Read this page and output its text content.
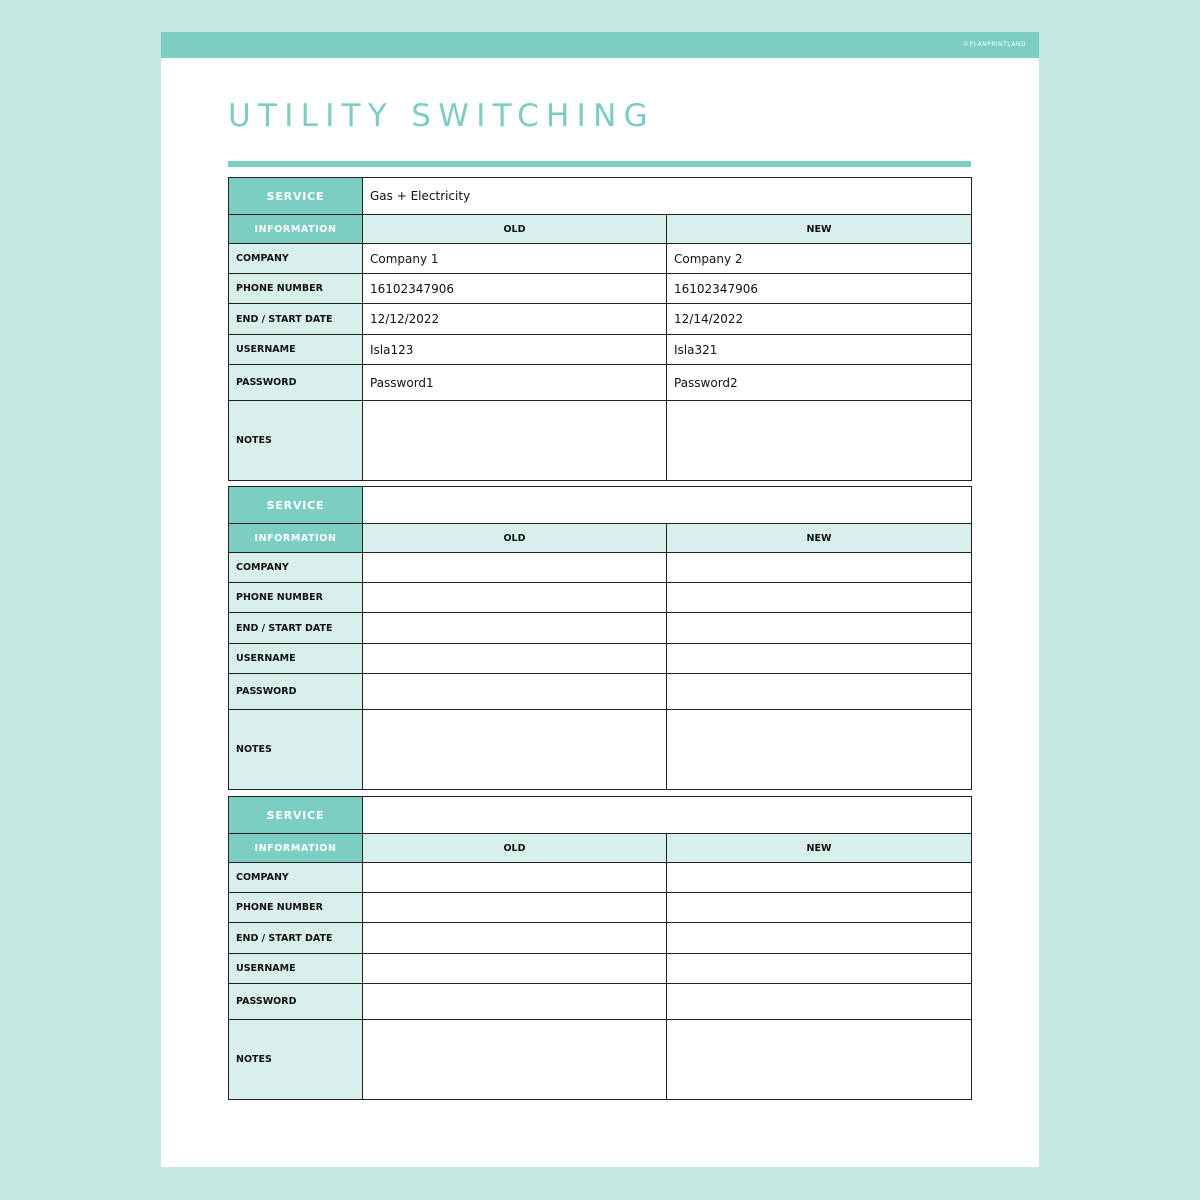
©PLANPRINTLAND
UTILITY SWITCHING
SERVICE	Gas + Electricity	
INFORMATION	OLD	NEW
COMPANY	Company 1	Company 2
PHONE NUMBER	16102347906	16102347906
END / START DATE	12/12/2022	12/14/2022
USERNAME	Isla123	Isla321
PASSWORD	Password1	Password2
NOTES		
SERVICE		
INFORMATION	OLD	NEW
COMPANY		
PHONE NUMBER		
END / START DATE		
USERNAME		
PASSWORD		
NOTES		
SERVICE		
INFORMATION	OLD	NEW
COMPANY		
PHONE NUMBER		
END / START DATE		
USERNAME		
PASSWORD		
NOTES		
